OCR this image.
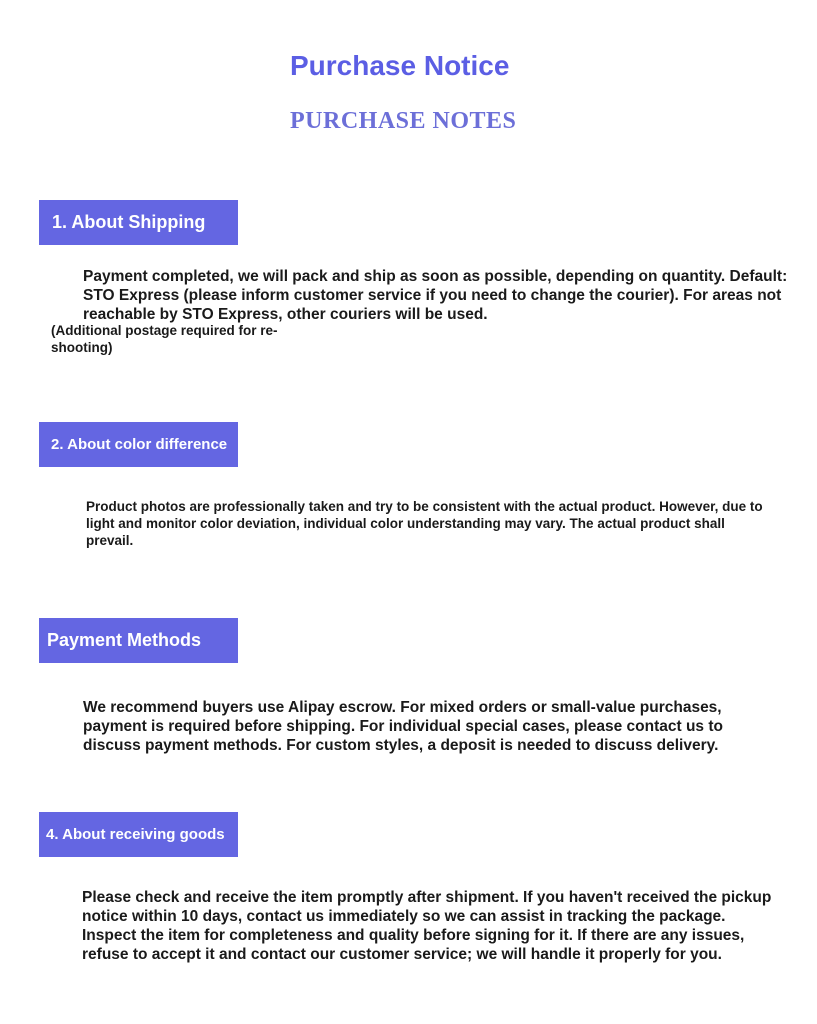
Purchase Notice
PURCHASE NOTES
1. About Shipping
Payment completed, we will pack and ship as soon as possible, depending on quantity. Default: STO Express (please inform customer service if you need to change the courier). For areas not reachable by STO Express, other couriers will be used.
(Additional postage required for re-shooting)
2. About color difference
Product photos are professionally taken and try to be consistent with the actual product. However, due to light and monitor color deviation, individual color understanding may vary. The actual product shall prevail.
Payment Methods
We recommend buyers use Alipay escrow. For mixed orders or small-value purchases, payment is required before shipping. For individual special cases, please contact us to discuss payment methods. For custom styles, a deposit is needed to discuss delivery.
4. About receiving goods
Please check and receive the item promptly after shipment. If you haven't received the pickup notice within 10 days, contact us immediately so we can assist in tracking the package. Inspect the item for completeness and quality before signing for it. If there are any issues, refuse to accept it and contact our customer service; we will handle it properly for you.
